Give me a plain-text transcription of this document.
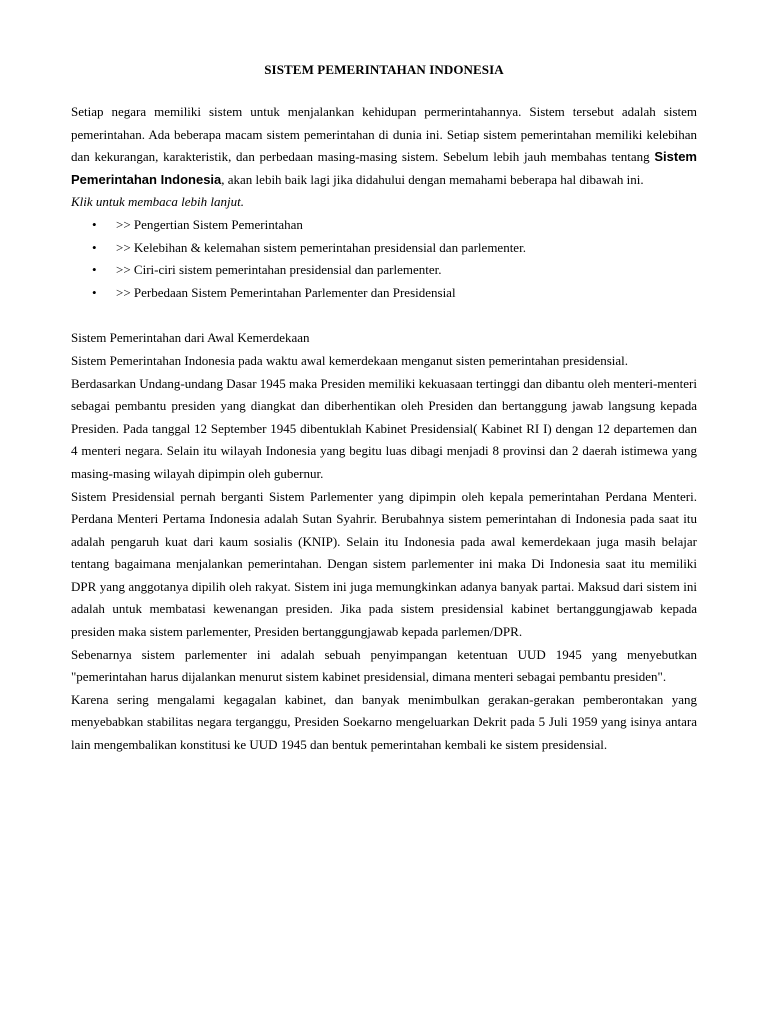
SISTEM PEMERINTAHAN INDONESIA

Setiap negara memiliki sistem untuk menjalankan kehidupan permerintahannya. Sistem tersebut adalah sistem pemerintahan. Ada beberapa macam sistem pemerintahan di dunia ini. Setiap sistem pemerintahan memiliki kelebihan dan kekurangan, karakteristik, dan perbedaan masing-masing sistem. Sebelum lebih jauh membahas tentang Sistem Pemerintahan Indonesia, akan lebih baik lagi jika didahului dengan memahami beberapa hal dibawah ini.

Klik untuk membaca lebih lanjut.

• >> Pengertian Sistem Pemerintahan
• >> Kelebihan & kelemahan sistem pemerintahan presidensial dan parlementer.
• >> Ciri-ciri sistem pemerintahan presidensial dan parlementer.
• >> Perbedaan Sistem Pemerintahan Parlementer dan Presidensial

Sistem Pemerintahan dari Awal Kemerdekaan

Sistem Pemerintahan Indonesia pada waktu awal kemerdekaan menganut sisten pemerintahan presidensial.

Berdasarkan Undang-undang Dasar 1945 maka Presiden memiliki kekuasaan tertinggi dan dibantu oleh menteri-menteri sebagai pembantu presiden yang diangkat dan diberhentikan oleh Presiden dan bertanggung jawab langsung kepada Presiden. Pada tanggal 12 September 1945 dibentuklah Kabinet Presidensial( Kabinet RI I) dengan 12 departemen dan 4 menteri negara. Selain itu wilayah Indonesia yang begitu luas dibagi menjadi 8 provinsi dan 2 daerah istimewa yang masing-masing wilayah dipimpin oleh gubernur.

Sistem Presidensial pernah berganti Sistem Parlementer yang dipimpin oleh kepala pemerintahan Perdana Menteri. Perdana Menteri Pertama Indonesia adalah Sutan Syahrir. Berubahnya sistem pemerintahan di Indonesia pada saat itu adalah pengaruh kuat dari kaum sosialis (KNIP). Selain itu Indonesia pada awal kemerdekaan juga masih belajar tentang bagaimana menjalankan pemerintahan. Dengan sistem parlementer ini maka Di Indonesia saat itu memiliki DPR yang anggotanya dipilih oleh rakyat. Sistem ini juga memungkinkan adanya banyak partai. Maksud dari sistem ini adalah untuk membatasi kewenangan presiden. Jika pada sistem presidensial kabinet bertanggungjawab kepada presiden maka sistem parlementer, Presiden bertanggungjawab kepada parlemen/DPR.

Sebenarnya sistem parlementer ini adalah sebuah penyimpangan ketentuan UUD 1945 yang menyebutkan "pemerintahan harus dijalankan menurut sistem kabinet presidensial, dimana menteri sebagai pembantu presiden".

Karena sering mengalami kegagalan kabinet, dan banyak menimbulkan gerakan-gerakan pemberontakan yang menyebabkan stabilitas negara terganggu, Presiden Soekarno mengeluarkan Dekrit pada 5 Juli 1959 yang isinya antara lain mengembalikan konstitusi ke UUD 1945 dan bentuk pemerintahan kembali ke sistem presidensial.
